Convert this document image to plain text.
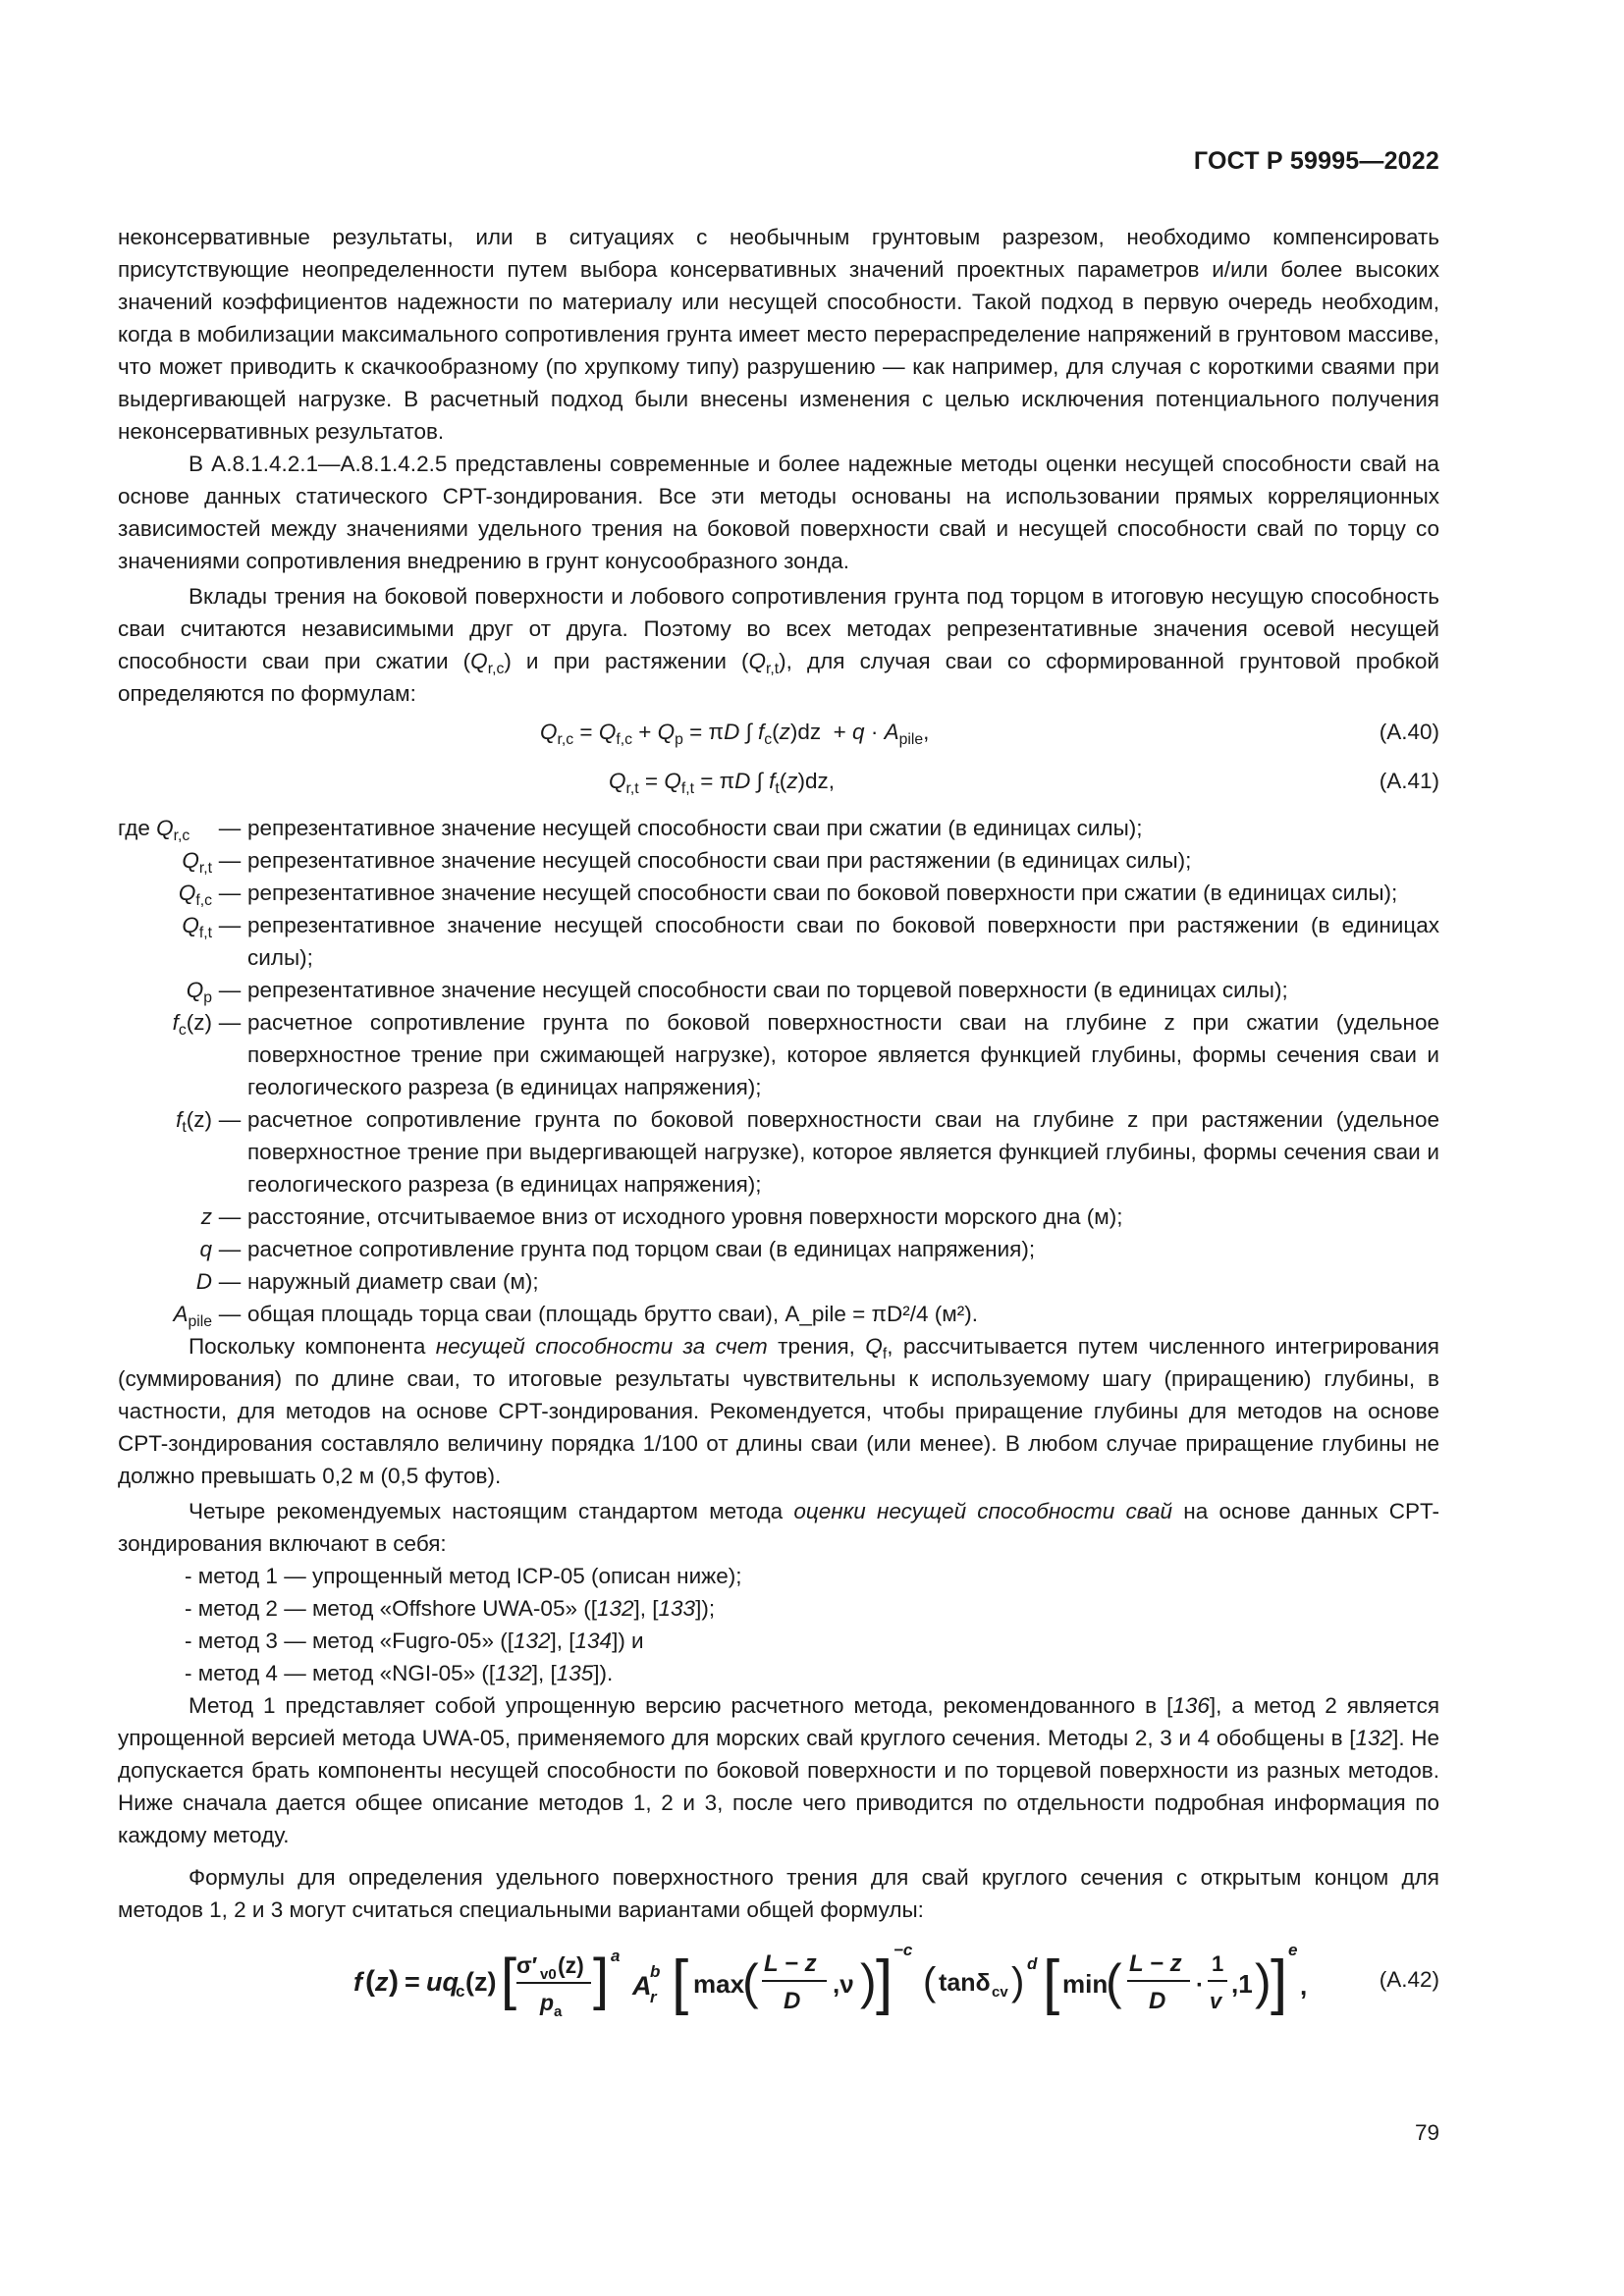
ГОСТ Р 59995—2022

неконсервативные результаты, или в ситуациях с необычным грунтовым разрезом, необходимо компенсировать присутствующие неопределенности путем выбора консервативных значений проектных параметров и/или более высоких значений коэффициентов надежности по материалу или несущей способности. Такой подход в первую очередь необходим, когда в мобилизации максимального сопротивления грунта имеет место перераспределение напряжений в грунтовом массиве, что может приводить к скачкообразному (по хрупкому типу) разрушению — как например, для случая с короткими сваями при выдергивающей нагрузке. В расчетный подход были внесены изменения с целью исключения потенциального получения неконсервативных результатов.

В А.8.1.4.2.1—А.8.1.4.2.5 представлены современные и более надежные методы оценки несущей способности свай на основе данных статического CPT-зондирования. Все эти методы основаны на использовании прямых корреляционных зависимостей между значениями удельного трения на боковой поверхности свай и несущей способности свай по торцу со значениями сопротивления внедрению в грунт конусообразного зонда.

Вклады трения на боковой поверхности и лобового сопротивления грунта под торцом в итоговую несущую способность сваи считаются независимыми друг от друга. Поэтому во всех методах репрезентативные значения осевой несущей способности сваи при сжатии $(Q_{r,c})$ и при растяжении $(Q_{r,t})$, для случая сваи со сформированной грунтовой пробкой определяются по формулам:

$Q_{r,c} = Q_{f,c} + Q_p = \pi D$ ∫ $f_c(z)dz + q \cdot A_{pile}$,	(А.40)
$Q_{r,t} = Q_{f,t} = \pi D$ ∫ $f_t(z)dz$,	(А.41)
где $Q_{r,c}$	— репрезентативное значение несущей способности сваи при сжатии (в единицах силы);
$Q_{r,t}$ — репрезентативное значение несущей способности сваи при растяжении (в единицах силы);
$Q_{f,c}$ — репрезентативное значение несущей способности сваи по боковой поверхности при сжатии (в единицах силы);
$Q_{f,t}$ — репрезентативное значение несущей способности сваи по боковой поверхности при растяжении (в единицах силы);
$Q_p$ — репрезентативное значение несущей способности сваи по торцевой поверхности (в единицах силы);
$f_c(z)$ — расчетное сопротивление грунта по боковой поверхностности сваи на глубине z при сжатии (удельное поверхностное трение при сжимающей нагрузке), которое является функцией глубины, формы сечения сваи и геологического разреза (в единицах напряжения);
$f_t(z)$ — расчетное сопротивление грунта по боковой поверхностности сваи на глубине z при растяжении (удельное поверхностное трение при выдергивающей нагрузке), которое является функцией глубины, формы сечения сваи и геологического разреза (в единицах напряжения);
z — расстояние, отсчитываемое вниз от исходного уровня поверхности морского дна (м);
q — расчетное сопротивление грунта под торцом сваи (в единицах напряжения);
D — наружный диаметр сваи (м);
$A_{pile}$ — общая площадь торца сваи (площадь брутто сваи), A_pile = πD²/4 (м²).

Поскольку компонента несущей способности за счет трения, $Q_f$, рассчитывается путем численного интегрирования (суммирования) по длине сваи, то итоговые результаты чувствительны к используемому шагу (приращению) глубины, в частности, для методов на основе CPT-зондирования. Рекомендуется, чтобы приращение глубины для методов на основе CPT-зондирования составляло величину порядка 1/100 от длины сваи (или менее). В любом случае приращение глубины не должно превышать 0,2 м (0,5 футов).

Четыре рекомендуемых настоящим стандартом метода оценки несущей способности свай на основе данных CPT-зондирования включают в себя:

- метод 1 — упрощенный метод ICP-05 (описан ниже);
- метод 2 — метод «Offshore UWA-05» ([132], [133]);
- метод 3 — метод «Fugro-05» ([132], [134]) и
- метод 4 — метод «NGI-05» ([132], [135]).

Метод 1 представляет собой упрощенную версию расчетного метода, рекомендованного в [136], а метод 2 является упрощенной версией метода UWA-05, применяемого для морских свай круглого сечения. Методы 2, 3 и 4 обобщены в [132]. Не допускается брать компоненты несущей способности по боковой поверхности и по торцевой поверхности из разных методов. Ниже сначала дается общее описание методов 1, 2 и 3, после чего приводится по отдельности подробная информация по каждому методу.

Формулы для определения удельного поверхностного трения для свай круглого сечения с открытым концом для методов 1, 2 и 3 могут считаться специальными вариантами общей формулы:

f ( z ) = uq
c (z) [ σ′ v0 (z)
p a
] a
A
r
b [ max
( L − z
D
,ν ) ] −c
( tanδ cv ) d [ min
( L − z
D
·
1
v
,1 ) ] e
,	(А.42)
79
